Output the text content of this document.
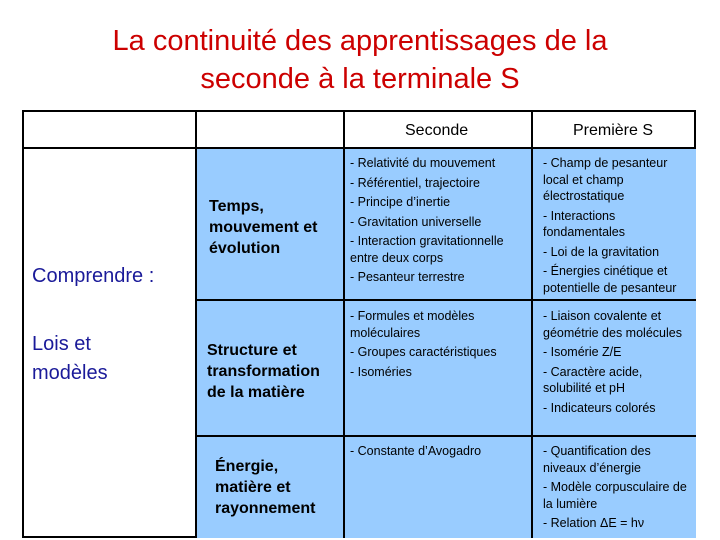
La continuité des apprentissages de la
seconde à la terminale S
Seconde	Première S
Comprendre :
Lois et
modèles
Temps,
mouvement et
évolution
Structure et
transformation
de la matière
Énergie,
matière et
rayonnement

- Relativité du mouvement

- Référentiel, trajectoire

- Principe d’inertie

- Gravitation universelle

- Interaction gravitationnelle entre deux corps

- Pesanteur terrestre

- Formules et modèles moléculaires

- Groupes caractéristiques

- Isoméries

- Constante d’Avogadro

- Champ de pesanteur local et champ électrostatique

- Interactions fondamentales

- Loi de la gravitation

- Énergies cinétique et potentielle de pesanteur

- Liaison covalente et géométrie des molécules

- Isomérie Z/E

- Caractère acide, solubilité et pH

- Indicateurs colorés

- Quantification des niveaux d’énergie

- Modèle corpusculaire de la lumière

- Relation ΔE = hν
